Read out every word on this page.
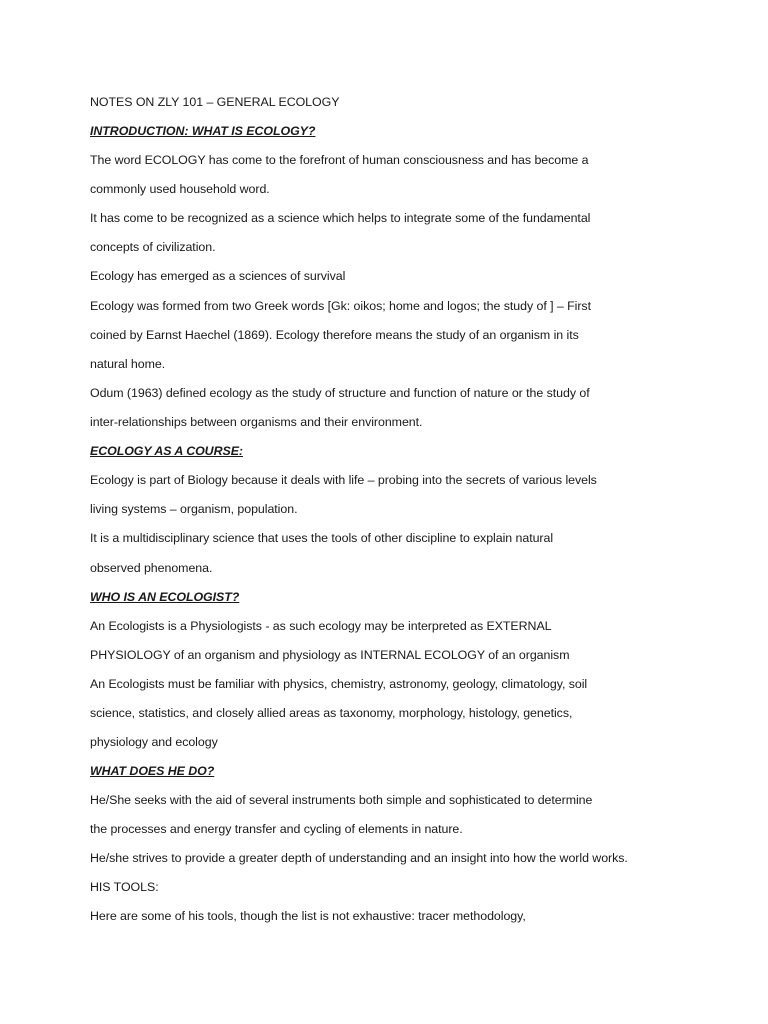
NOTES ON ZLY 101 – GENERAL ECOLOGY
INTRODUCTION: WHAT IS ECOLOGY?
The word ECOLOGY has come to the forefront of human consciousness and has become a
commonly used household word.
It has come to be recognized as a science which helps to integrate some of the fundamental
concepts of civilization.
Ecology has emerged as a sciences of survival
Ecology was formed from two Greek words [Gk: oikos; home and logos; the study of ] – First
coined by Earnst Haechel (1869). Ecology therefore means the study of an organism in its
natural home.
Odum (1963) defined ecology as the study of structure and function of nature or the study of
inter-relationships between organisms and their environment.
ECOLOGY AS A COURSE:
Ecology is part of Biology because it deals with life – probing into the secrets of various levels
living systems – organism, population.
It is a multidisciplinary science that uses the tools of other discipline to explain natural
observed phenomena.
WHO IS AN ECOLOGIST?
An Ecologists is a Physiologists - as such ecology may be interpreted as EXTERNAL
PHYSIOLOGY of an organism and physiology as INTERNAL ECOLOGY of an organism
An Ecologists must be familiar with physics, chemistry, astronomy, geology, climatology, soil
science, statistics, and closely allied areas as taxonomy, morphology, histology, genetics,
physiology and ecology
WHAT DOES HE DO?
He/She seeks with the aid of several instruments both simple and sophisticated to determine
the processes and energy transfer and cycling of elements in nature.
He/she strives to provide a greater depth of understanding and an insight into how the world works.
HIS TOOLS:
Here are some of his tools, though the list is not exhaustive: tracer methodology,
